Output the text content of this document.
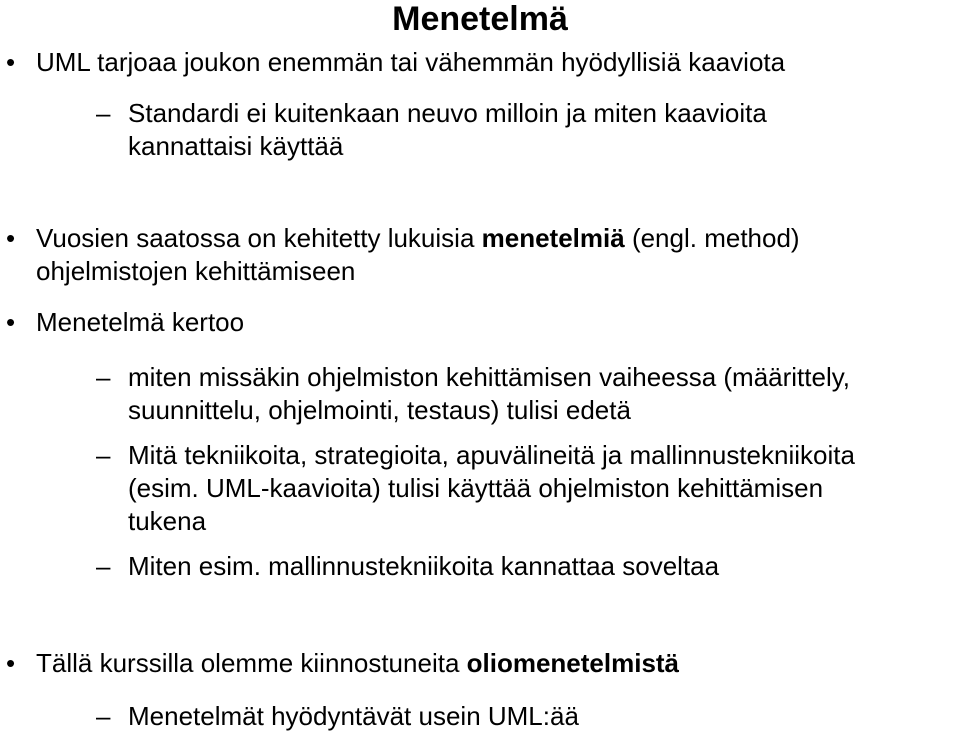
Menetelmä
• UML tarjoaa joukon enemmän tai vähemmän hyödyllisiä kaaviota
– Standardi ei kuitenkaan neuvo milloin ja miten kaavioita
kannattaisi käyttää
• Vuosien saatossa on kehitetty lukuisia menetelmiä (engl. method)
ohjelmistojen kehittämiseen
• Menetelmä kertoo
– miten missäkin ohjelmiston kehittämisen vaiheessa (määrittely,
suunnittelu, ohjelmointi, testaus) tulisi edetä
– Mitä tekniikoita, strategioita, apuvälineitä ja mallinnustekniikoita
(esim. UML-kaavioita) tulisi käyttää ohjelmiston kehittämisen
tukena
– Miten esim. mallinnustekniikoita kannattaa soveltaa
• Tällä kurssilla olemme kiinnostuneita oliomenetelmistä
– Menetelmät hyödyntävät usein UML:ää
